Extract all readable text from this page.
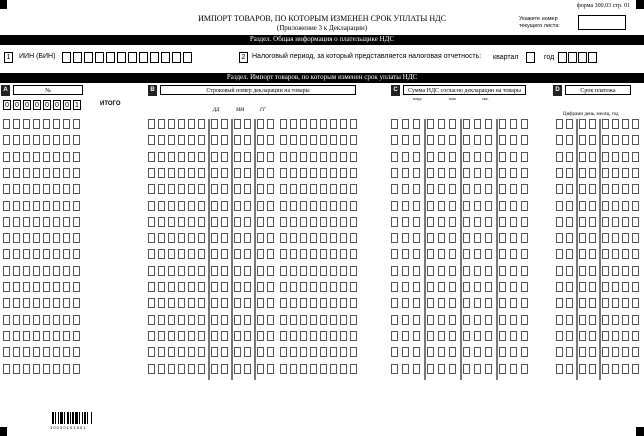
форма 300.03 стр. 01
ИМПОРТ ТОВАРОВ, ПО КОТОРЫМ ИЗМЕНЕН СРОК УПЛАТЫ НДС
(Приложение 3 к Декларации)
Укажите номер текущего листа:
Раздел. Общая информация о плательщике НДС
1	ИИН (БИН)	2 Налоговый период, за который представляется налоговая отчетность: квартал	год
Раздел. Импорт товаров, по которым изменен срок уплаты НДС
A	№	B	Строковый номер декларации на товары	C	Сумма НДС согласно декларации на товары	D	Срок платежа
ДД	ММ	ГГ
млрд	млн	тыс.
Цифрами день, месяц, год
0 0 0 0 0 0 0 1	ИТОГО
3 0 0 3 0 1 0 1 0 0 1
